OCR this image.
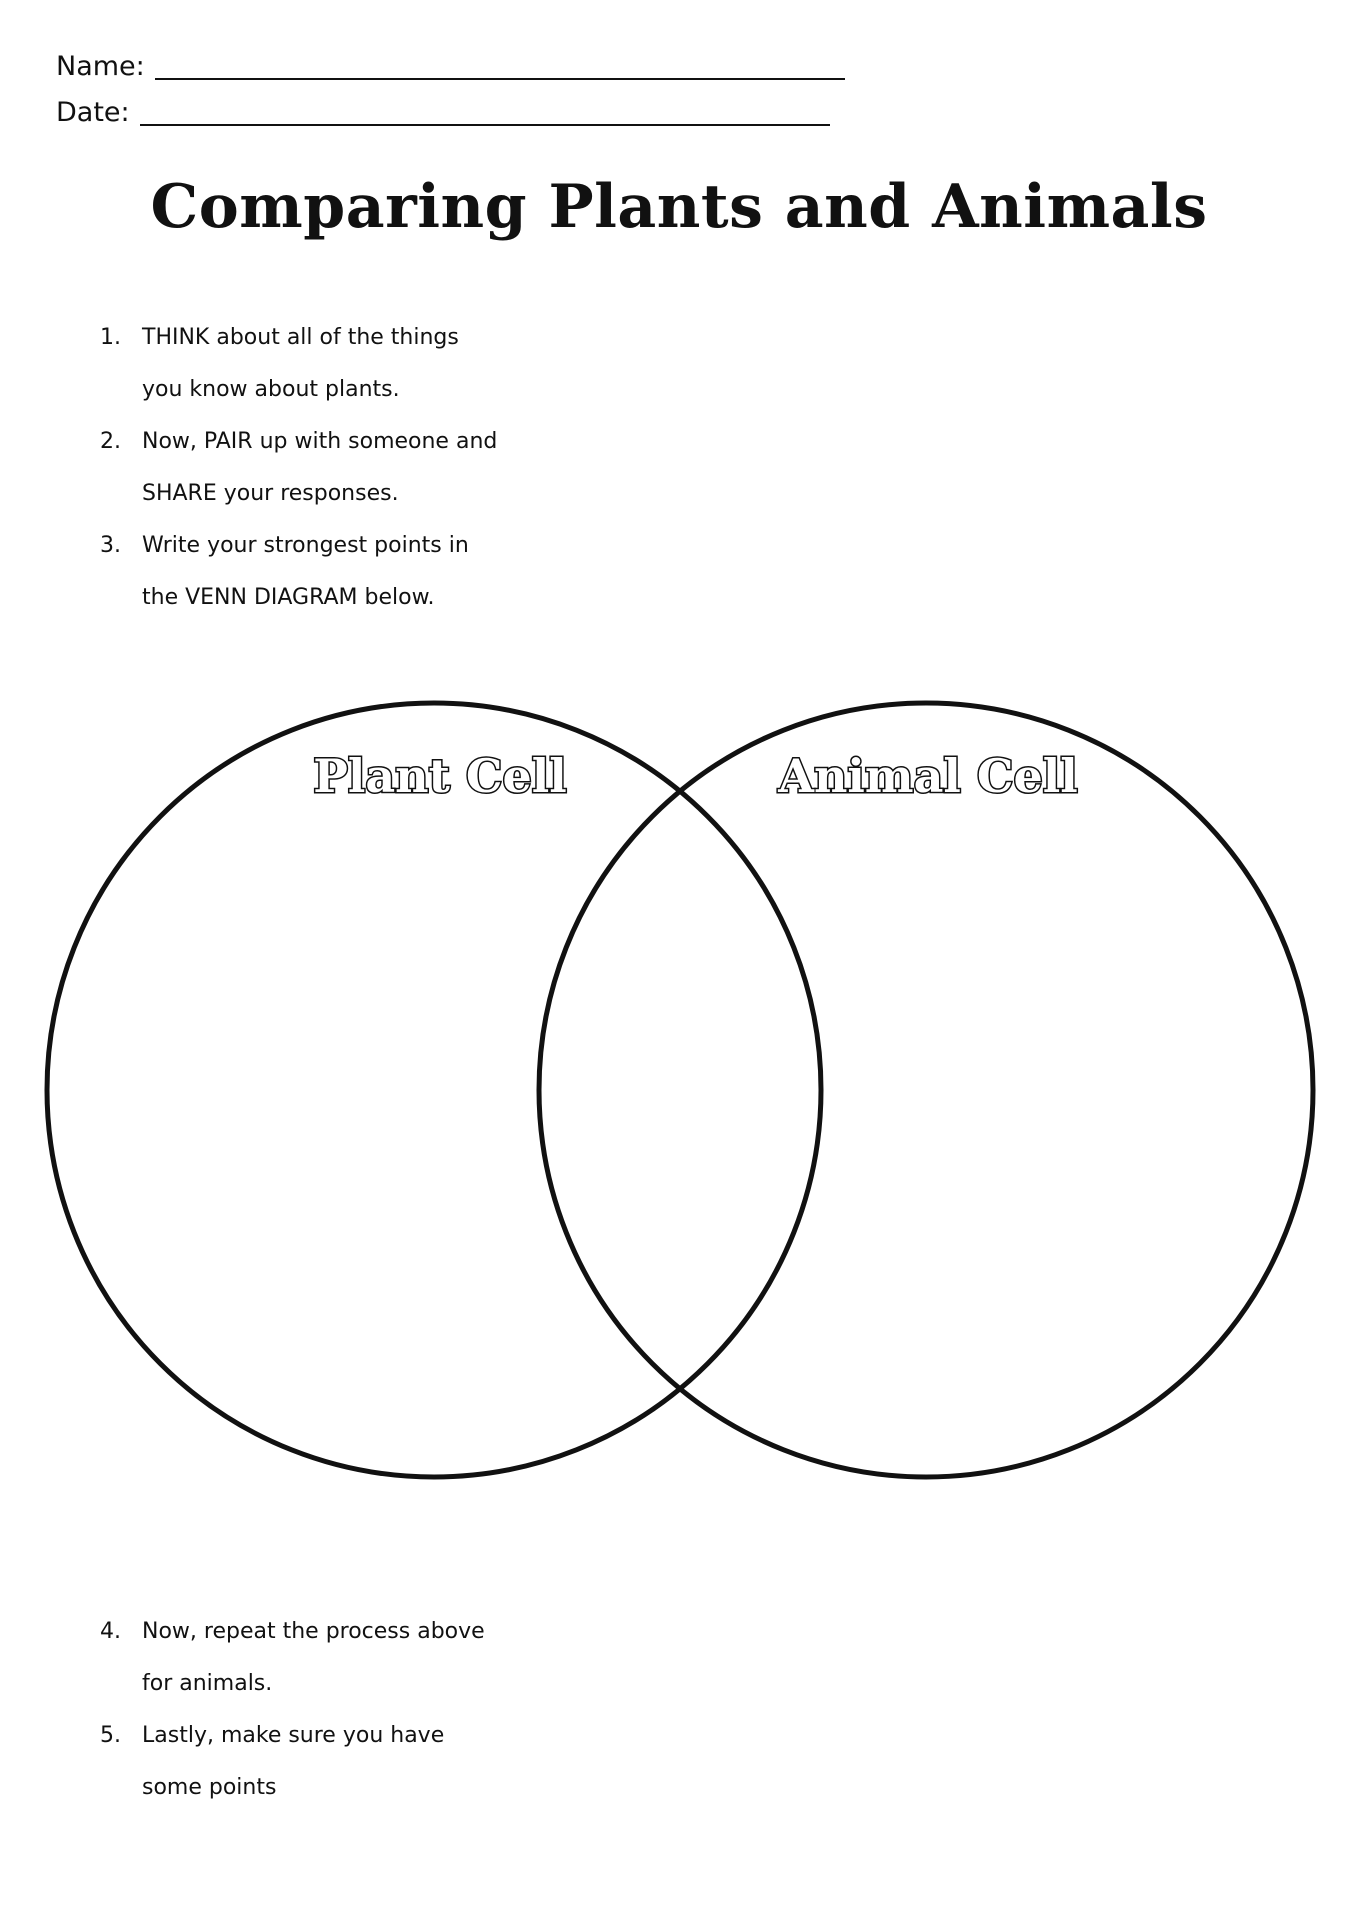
Name:
Date:
Comparing Plants and Animals
1. THINK about all of the things you know about plants.
2. Now, PAIR up with someone and SHARE your responses.
3. Write your strongest points in the VENN DIAGRAM below.
Plant Cell	Animal Cell
4. Now, repeat the process above for animals.
5. Lastly, make sure you have some points
